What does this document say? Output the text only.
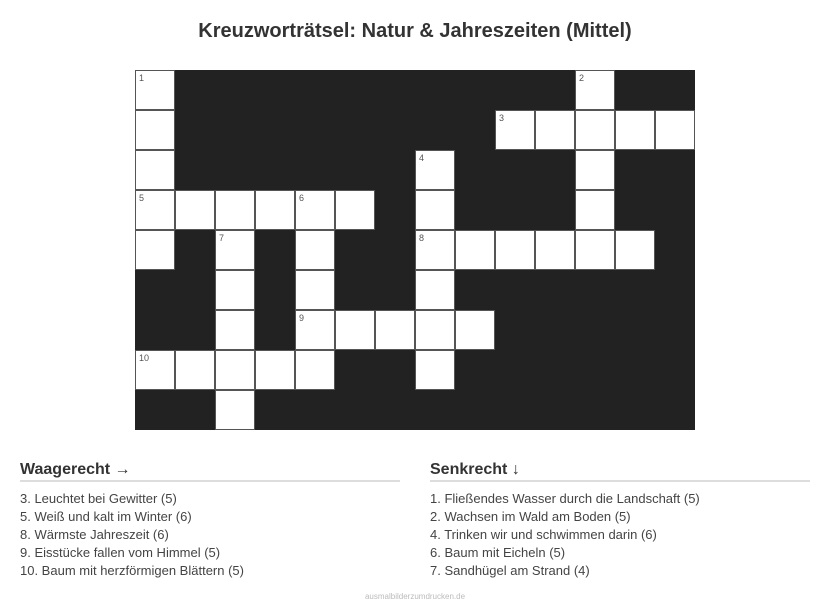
Kreuzworträtsel: Natur & Jahreszeiten (Mittel)
1	2
3
4
5	6
7	8
9
10
Waagerecht →
3. Leuchtet bei Gewitter (5)
5. Weiß und kalt im Winter (6)
8. Wärmste Jahreszeit (6)
9. Eisstücke fallen vom Himmel (5)
10. Baum mit herzförmigen Blättern (5)
Senkrecht ↓
1. Fließendes Wasser durch die Landschaft (5)
2. Wachsen im Wald am Boden (5)
4. Trinken wir und schwimmen darin (6)
6. Baum mit Eicheln (5)
7. Sandhügel am Strand (4)
ausmalbilderzumdrucken.de
